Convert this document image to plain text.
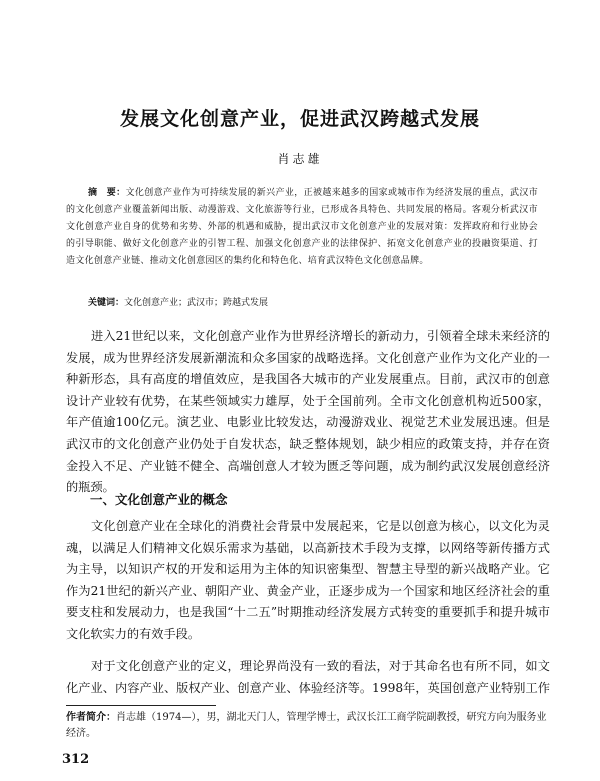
发展文化创意产业，促进武汉跨越式发展
肖志雄
摘　要：文化创意产业作为可持续发展的新兴产业，正被越来越多的国家或城市作为经济发展的重点，武汉市的文化创意产业覆盖新闻出版、动漫游戏、文化旅游等行业，已形成各具特色、共同发展的格局。客观分析武汉市文化创意产业自身的优势和劣势、外部的机遇和威胁，提出武汉市文化创意产业的发展对策：发挥政府和行业协会的引导职能、做好文化创意产业的引智工程、加强文化创意产业的法律保护、拓宽文化创意产业的投融资渠道、打造文化创意产业链、推动文化创意园区的集约化和特色化、培育武汉特色文化创意品牌。
关键词：文化创意产业；武汉市；跨越式发展
进入21世纪以来，文化创意产业作为世界经济增长的新动力，引领着全球未来经济的发展，成为世界经济发展新潮流和众多国家的战略选择。文化创意产业作为文化产业的一种新形态，具有高度的增值效应，是我国各大城市的产业发展重点。目前，武汉市的创意设计产业较有优势，在某些领域实力雄厚，处于全国前列。全市文化创意机构近500家，年产值逾100亿元。演艺业、电影业比较发达，动漫游戏业、视觉艺术业发展迅速。但是武汉市的文化创意产业仍处于自发状态，缺乏整体规划，缺少相应的政策支持，并存在资金投入不足、产业链不健全、高端创意人才较为匮乏等问题，成为制约武汉发展创意经济的瓶颈。
一、文化创意产业的概念
文化创意产业在全球化的消费社会背景中发展起来，它是以创意为核心，以文化为灵魂，以满足人们精神文化娱乐需求为基础，以高新技术手段为支撑，以网络等新传播方式为主导，以知识产权的开发和运用为主体的知识密集型、智慧主导型的新兴战略产业。它作为21世纪的新兴产业、朝阳产业、黄金产业，正逐步成为一个国家和地区经济社会的重要支柱和发展动力，也是我国“十二五”时期推动经济发展方式转变的重要抓手和提升城市文化软实力的有效手段。
对于文化创意产业的定义，理论界尚没有一致的看法，对于其命名也有所不同，如文化产业、内容产业、版权产业、创意产业、体验经济等。1998年，英国创意产业特别工作
作者简介：肖志雄（1974—），男，湖北天门人，管理学博士，武汉长江工商学院副教授，研究方向为服务业经济。
312
